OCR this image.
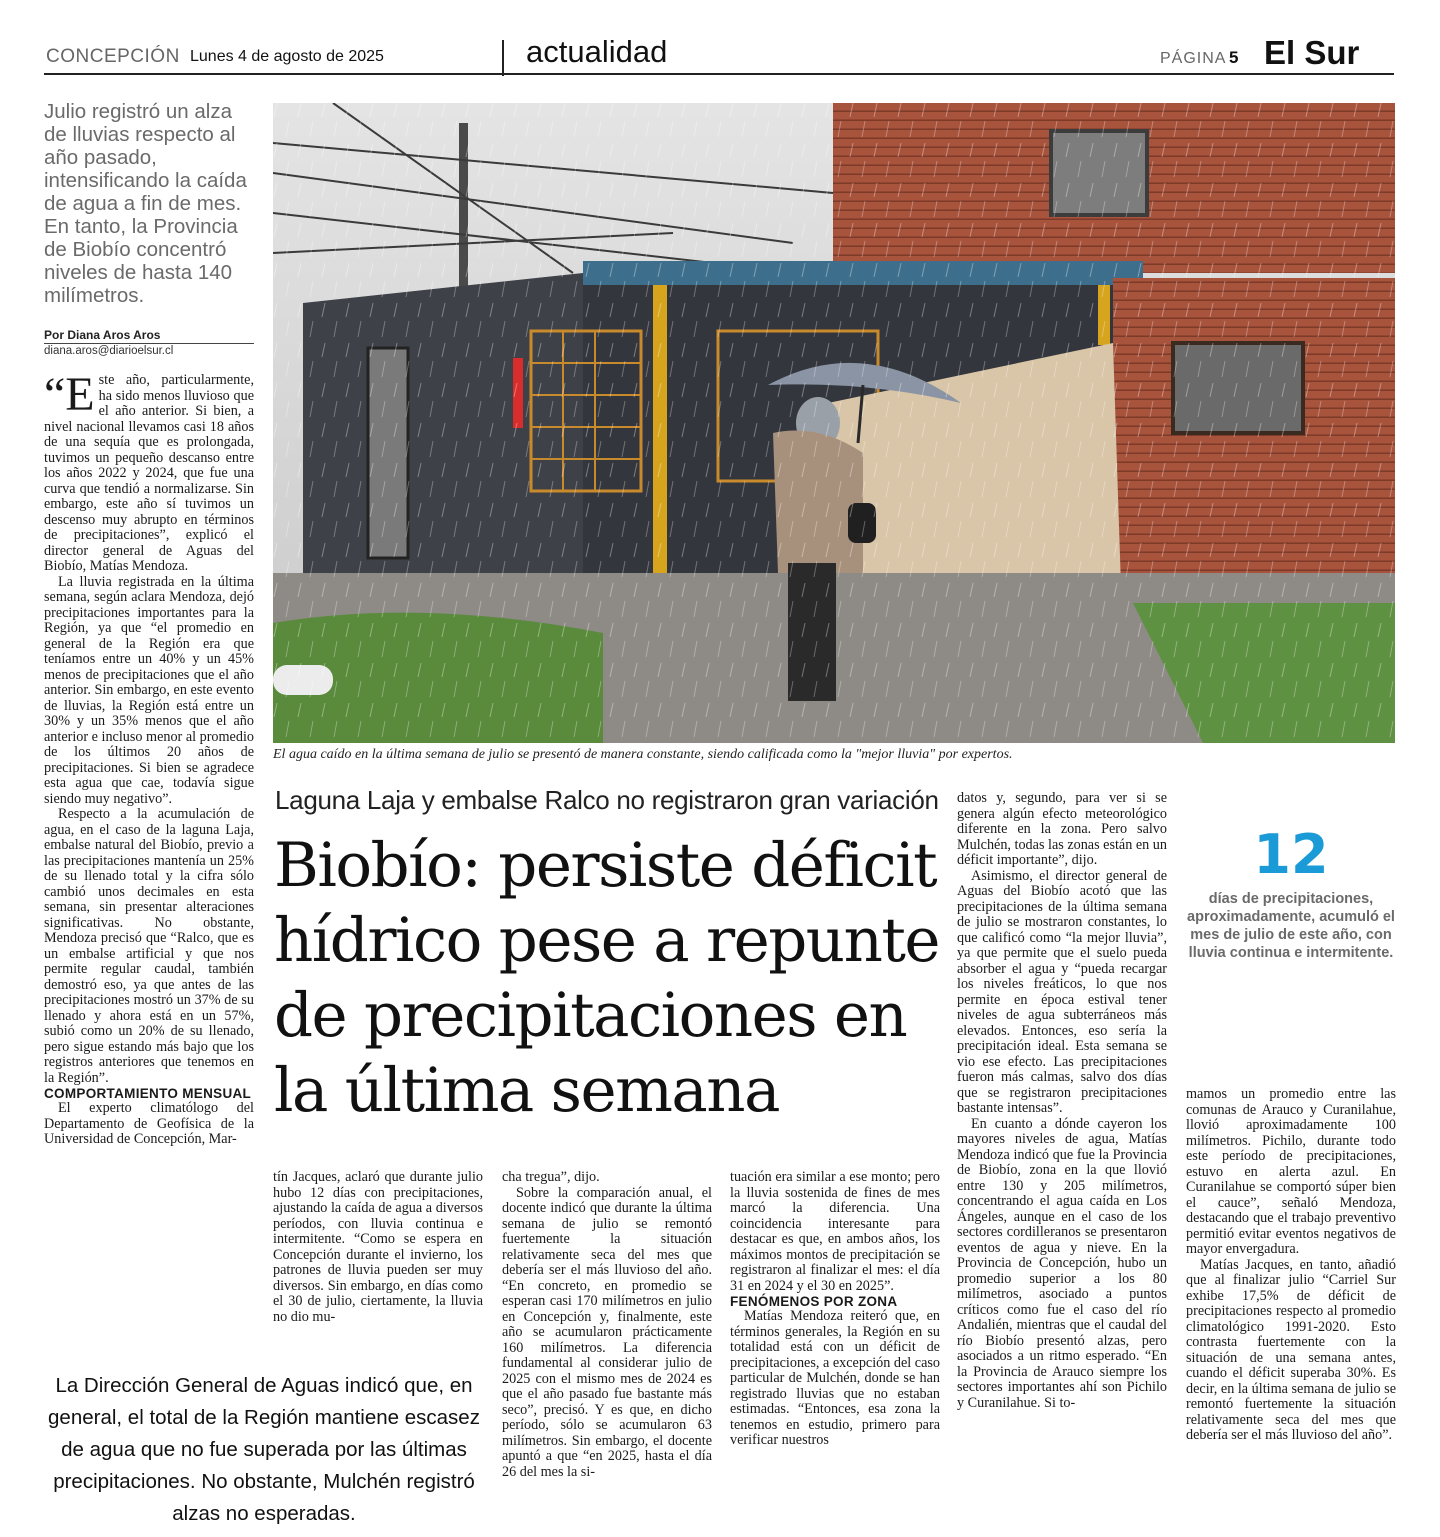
CONCEPCIÓN Lunes 4 de agosto de 2025	actualidad	PÁGINA 5 El Sur

Julio registró un alza de lluvias respecto al año pasado, intensificando la caída de agua a fin de mes. En tanto, la Provincia de Biobío concentró niveles de hasta 140 milímetros.

Por Diana Aros Aros
diana.aros@diarioelsur.cl

“Este año, particularmente, ha sido menos lluvioso que el año anterior. Si bien, a nivel nacional llevamos casi 18 años de una sequía que es prolongada, tuvimos un pequeño descanso entre los años 2022 y 2024, que fue una curva que tendió a normalizarse. Sin embargo, este año sí tuvimos un descenso muy abrupto en términos de precipitaciones”, explicó el director general de Aguas del Biobío, Matías Mendoza.

La lluvia registrada en la última semana, según aclara Mendoza, dejó precipitaciones importantes para la Región, ya que “el promedio en general de la Región era que teníamos entre un 40% y un 45% menos de precipitaciones que el año anterior. Sin embargo, en este evento de lluvias, la Región está entre un 30% y un 35% menos que el año anterior e incluso menor al promedio de los últimos 20 años de precipitaciones. Si bien se agradece esta agua que cae, todavía sigue siendo muy negativo”.

Respecto a la acumulación de agua, en el caso de la laguna Laja, embalse natural del Biobío, previo a las precipitaciones mantenía un 25% de su llenado total y la cifra sólo cambió unos decimales en esta semana, sin presentar alteraciones significativas. No obstante, Mendoza precisó que “Ralco, que es un embalse artificial y que nos permite regular caudal, también demostró eso, ya que antes de las precipitaciones mostró un 37% de su llenado y ahora está en un 57%, subió como un 20% de su llenado, pero sigue estando más bajo que los registros anteriores que tenemos en la Región”.

COMPORTAMIENTO MENSUAL

El experto climatólogo del Departamento de Geofísica de la Universidad de Concepción, Mar-

El agua caído en la última semana de julio se presentó de manera constante, siendo calificada como la "mejor lluvia" por expertos.
Laguna Laja y embalse Ralco no registraron gran variación
Biobío: persiste déficit hídrico pese a repunte de precipitaciones en la última semana

tín Jacques, aclaró que durante julio hubo 12 días con precipitaciones, ajustando la caída de agua a diversos períodos, con lluvia continua e intermitente. “Como se espera en Concepción durante el invierno, los patrones de lluvia pueden ser muy diversos. Sin embargo, en días como el 30 de julio, ciertamente, la lluvia no dio mu-

cha tregua”, dijo.

Sobre la comparación anual, el docente indicó que durante la última semana de julio se remontó fuertemente la situación relativamente seca del mes que debería ser el más lluvioso del año. “En concreto, en promedio se esperan casi 170 milímetros en julio en Concepción y, finalmente, este año se acumularon prácticamente 160 milímetros. La diferencia fundamental al considerar julio de 2025 con el mismo mes de 2024 es que el año pasado fue bastante más seco”, precisó. Y es que, en dicho período, sólo se acumularon 63 milímetros. Sin embargo, el docente apuntó a que “en 2025, hasta el día 26 del mes la si-

tuación era similar a ese monto; pero la lluvia sostenida de fines de mes marcó la diferencia. Una coincidencia interesante para destacar es que, en ambos años, los máximos montos de precipitación se registraron al finalizar el mes: el día 31 en 2024 y el 30 en 2025”.

FENÓMENOS POR ZONA

Matías Mendoza reiteró que, en términos generales, la Región en su totalidad está con un déficit de precipitaciones, a excepción del caso particular de Mulchén, donde se han registrado lluvias que no estaban estimadas. “Entonces, esa zona la tenemos en estudio, primero para verificar nuestros

datos y, segundo, para ver si se genera algún efecto meteorológico diferente en la zona. Pero salvo Mulchén, todas las zonas están en un déficit importante”, dijo.

Asimismo, el director general de Aguas del Biobío acotó que las precipitaciones de la última semana de julio se mostraron constantes, lo que calificó como “la mejor lluvia”, ya que permite que el suelo pueda absorber el agua y “pueda recargar los niveles freáticos, lo que nos permite en época estival tener niveles de agua subterráneos más elevados. Entonces, eso sería la precipitación ideal. Esta semana se vio ese efecto. Las precipitaciones fueron más calmas, salvo dos días que se registraron precipitaciones bastante intensas”.

En cuanto a dónde cayeron los mayores niveles de agua, Matías Mendoza indicó que fue la Provincia de Biobío, zona en la que llovió entre 130 y 205 milímetros, concentrando el agua caída en Los Ángeles, aunque en el caso de los sectores cordilleranos se presentaron eventos de agua y nieve. En la Provincia de Concepción, hubo un promedio superior a los 80 milímetros, asociado a puntos críticos como fue el caso del río Andalién, mientras que el caudal del río Biobío presentó alzas, pero asociados a un ritmo esperado. “En la Provincia de Arauco siempre los sectores importantes ahí son Pichilo y Curanilahue. Si to-

12
días de precipitaciones, aproximadamente, acumuló el mes de julio de este año, con lluvia continua e intermitente.

mamos un promedio entre las comunas de Arauco y Curanilahue, llovió aproximadamente 100 milímetros. Pichilo, durante todo este período de precipitaciones, estuvo en alerta azul. En Curanilahue se comportó súper bien el cauce”, señaló Mendoza, destacando que el trabajo preventivo permitió evitar eventos negativos de mayor envergadura.

Matías Jacques, en tanto, añadió que al finalizar julio “Carriel Sur exhibe 17,5% de déficit de precipitaciones respecto al promedio climatológico 1991-2020. Esto contrasta fuertemente con la situación de una semana antes, cuando el déficit superaba 30%. Es decir, en la última semana de julio se remontó fuertemente la situación relativamente seca del mes que debería ser el más lluvioso del año”.

La Dirección General de Aguas indicó que, en general, el total de la Región mantiene escasez de agua que no fue superada por las últimas precipitaciones. No obstante, Mulchén registró alzas no esperadas.
